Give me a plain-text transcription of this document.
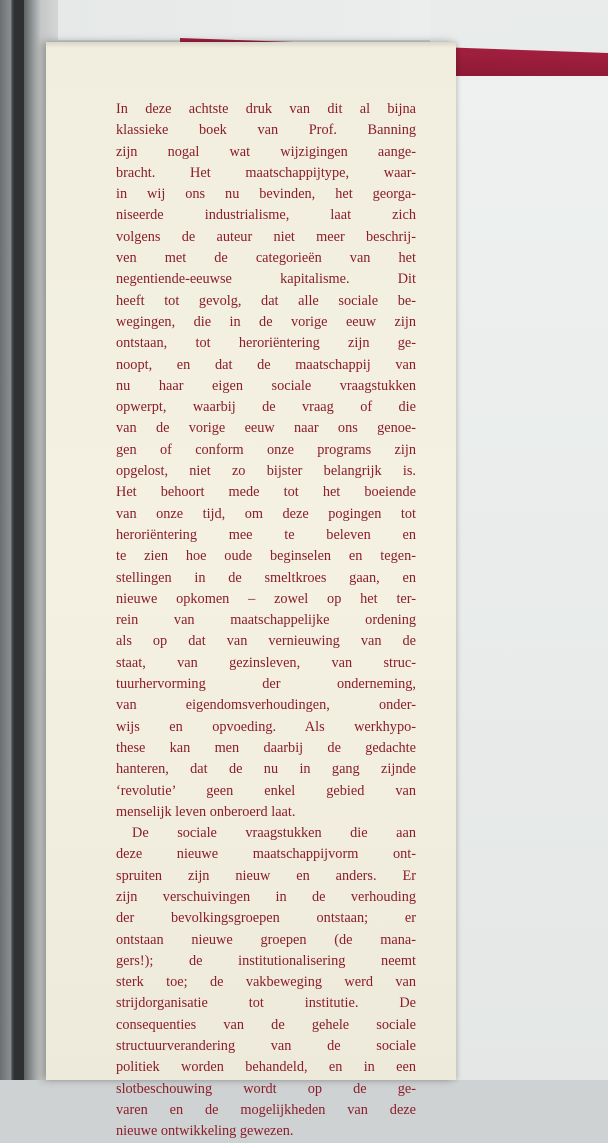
In deze achtste druk van dit al bijna
klassieke boek van Prof. Banning
zijn nogal wat wijzigingen aange-
bracht. Het maatschappijtype, waar-
in wij ons nu bevinden, het georga-
niseerde industrialisme, laat zich
volgens de auteur niet meer beschrij-
ven met de categorieën van het
negentiende-eeuwse kapitalisme. Dit
heeft tot gevolg, dat alle sociale be-
wegingen, die in de vorige eeuw zijn
ontstaan, tot heroriëntering zijn ge-
noopt, en dat de maatschappij van
nu haar eigen sociale vraagstukken
opwerpt, waarbij de vraag of die
van de vorige eeuw naar ons genoe-
gen of conform onze programs zijn
opgelost, niet zo bijster belangrijk is.
Het behoort mede tot het boeiende
van onze tijd, om deze pogingen tot
heroriëntering mee te beleven en
te zien hoe oude beginselen en tegen-
stellingen in de smeltkroes gaan, en
nieuwe opkomen – zowel op het ter-
rein van maatschappelijke ordening
als op dat van vernieuwing van de
staat, van gezinsleven, van struc-
tuurhervorming der onderneming,
van eigendomsverhoudingen, onder-
wijs en opvoeding. Als werkhypo-
these kan men daarbij de gedachte
hanteren, dat de nu in gang zijnde
‘revolutie’ geen enkel gebied van
menselijk leven onberoerd laat.
De sociale vraagstukken die aan
deze nieuwe maatschappijvorm ont-
spruiten zijn nieuw en anders. Er
zijn verschuivingen in de verhouding
der bevolkingsgroepen ontstaan; er
ontstaan nieuwe groepen (de mana-
gers!); de institutionalisering neemt
sterk toe; de vakbeweging werd van
strijdorganisatie tot institutie. De
consequenties van de gehele sociale
structuurverandering van de sociale
politiek worden behandeld, en in een
slotbeschouwing wordt op de ge-
varen en de mogelijkheden van deze
nieuwe ontwikkeling gewezen.
